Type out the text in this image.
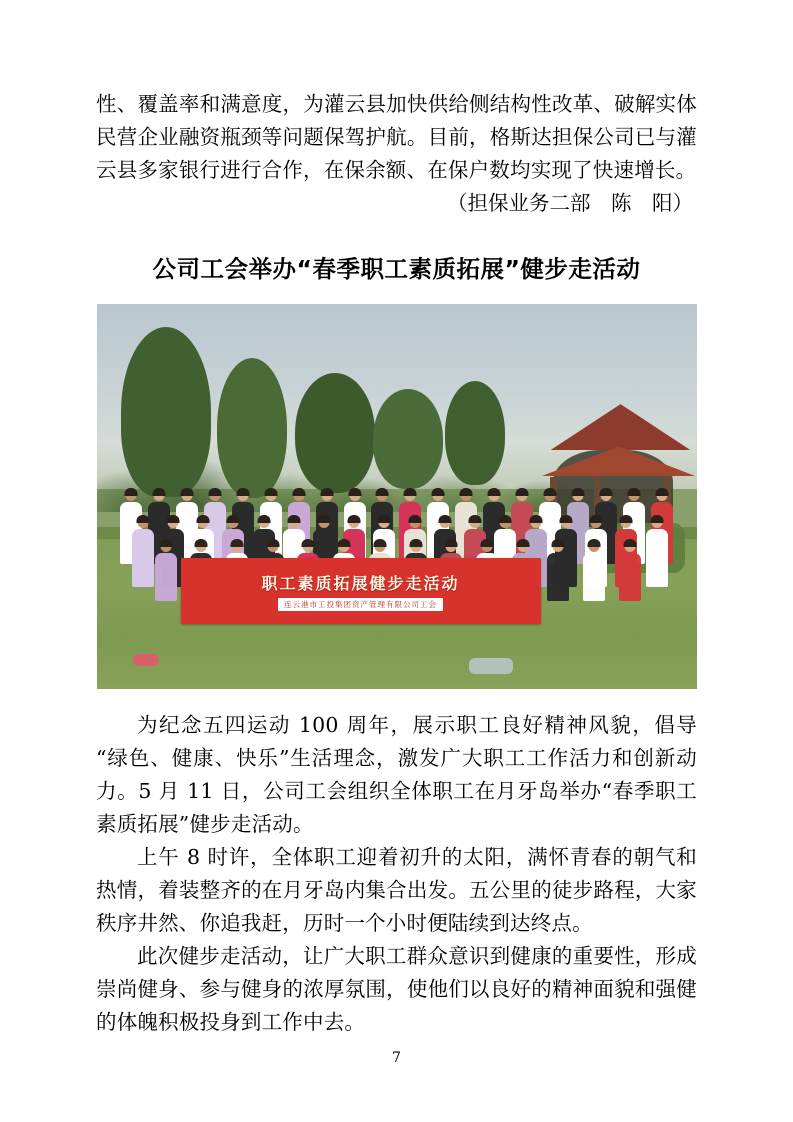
性、覆盖率和满意度，为灌云县加快供给侧结构性改革、破解实体民营企业融资瓶颈等问题保驾护航。目前，格斯达担保公司已与灌云县多家银行进行合作，在保余额、在保户数均实现了快速增长。

（担保业务二部　陈　阳）

公司工会举办“春季职工素质拓展”健步走活动
职工素质拓展健步走活动
连云港市工投集团资产管理有限公司工会

为纪念五四运动 100 周年，展示职工良好精神风貌，倡导“绿色、健康、快乐”生活理念，激发广大职工工作活力和创新动力。5 月 11 日，公司工会组织全体职工在月牙岛举办“春季职工素质拓展”健步走活动。

上午 8 时许，全体职工迎着初升的太阳，满怀青春的朝气和热情，着装整齐的在月牙岛内集合出发。五公里的徒步路程，大家秩序井然、你追我赶，历时一个小时便陆续到达终点。

此次健步走活动，让广大职工群众意识到健康的重要性，形成崇尚健身、参与健身的浓厚氛围，使他们以良好的精神面貌和强健的体魄积极投身到工作中去。

7
